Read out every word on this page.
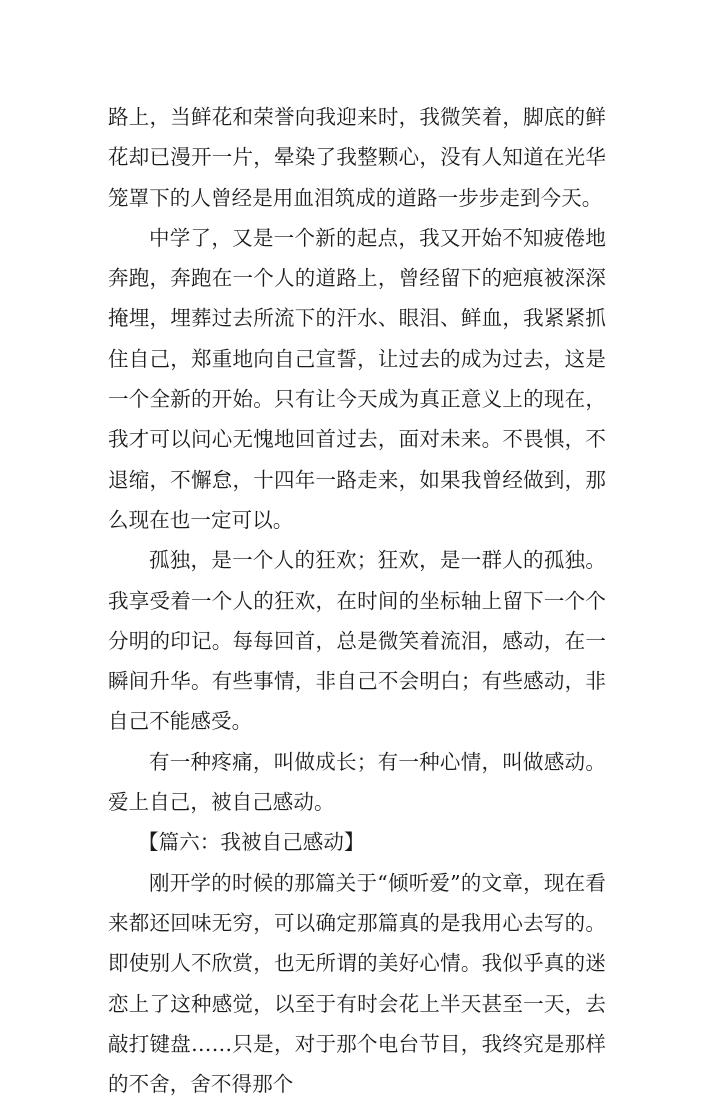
路上，当鲜花和荣誉向我迎来时，我微笑着，脚底的鲜花却已漫开一片，晕染了我整颗心，没有人知道在光华笼罩下的人曾经是用血泪筑成的道路一步步走到今天。

中学了，又是一个新的起点，我又开始不知疲倦地奔跑，奔跑在一个人的道路上，曾经留下的疤痕被深深掩埋，埋葬过去所流下的汗水、眼泪、鲜血，我紧紧抓住自己，郑重地向自己宣誓，让过去的成为过去，这是一个全新的开始。只有让今天成为真正意义上的现在，我才可以问心无愧地回首过去，面对未来。不畏惧，不退缩，不懈怠，十四年一路走来，如果我曾经做到，那么现在也一定可以。

孤独，是一个人的狂欢；狂欢，是一群人的孤独。我享受着一个人的狂欢，在时间的坐标轴上留下一个个分明的印记。每每回首，总是微笑着流泪，感动，在一瞬间升华。有些事情，非自己不会明白；有些感动，非自己不能感受。

有一种疼痛，叫做成长；有一种心情，叫做感动。爱上自己，被自己感动。

【篇六：我被自己感动】

刚开学的时候的那篇关于“倾听爱”的文章，现在看来都还回味无穷，可以确定那篇真的是我用心去写的。即使别人不欣赏，也无所谓的美好心情。我似乎真的迷恋上了这种感觉，以至于有时会花上半天甚至一天，去敲打键盘……只是，对于那个电台节目，我终究是那样的不舍，舍不得那个
